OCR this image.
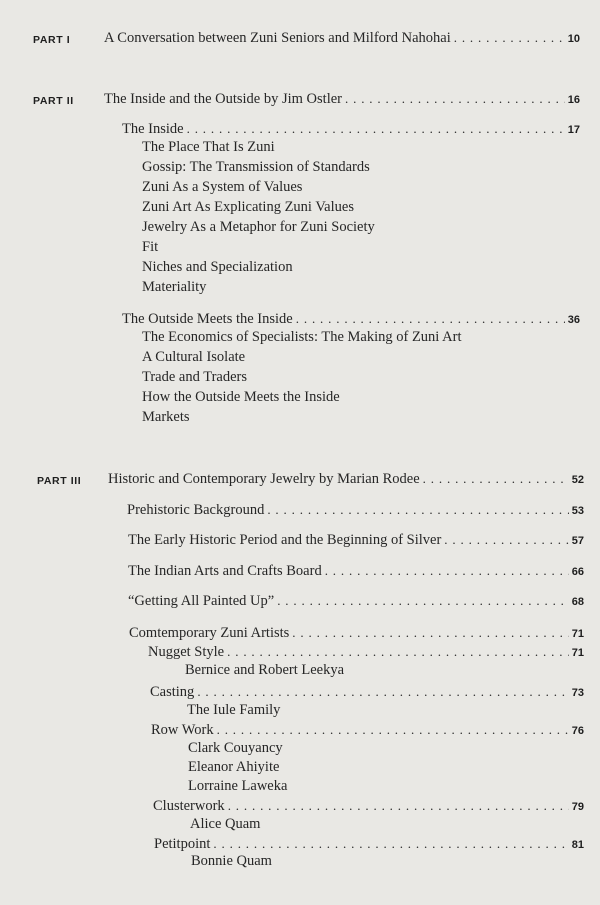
PART I A Conversation between Zuni Seniors and Milford Nahohai . . .	10
PART II The Inside and the Outside by Jim Ostler . . .	16
The Inside . . .	17
The Place That Is Zuni
Gossip: The Transmission of Standards
Zuni As a System of Values
Zuni Art As Explicating Zuni Values
Jewelry As a Metaphor for Zuni Society
Fit
Niches and Specialization
Materiality
The Outside Meets the Inside . . .	36
The Economics of Specialists: The Making of Zuni Art
A Cultural Isolate
Trade and Traders
How the Outside Meets the Inside
Markets
PART III Historic and Contemporary Jewelry by Marian Rodee . . .	52
Prehistoric Background . . .	53
The Early Historic Period and the Beginning of Silver . . .	57
The Indian Arts and Crafts Board . . .	66
“Getting All Painted Up” . . .	68
Comtemporary Zuni Artists . . .	71
Nugget Style . . .	71
Bernice and Robert Leekya
Casting . . .	73
The Iule Family
Row Work . . .	76
Clark Couyancy
Eleanor Ahiyite
Lorraine Laweka
Clusterwork . . .	79
Alice Quam
Petitpoint . . .	81
Bonnie Quam
